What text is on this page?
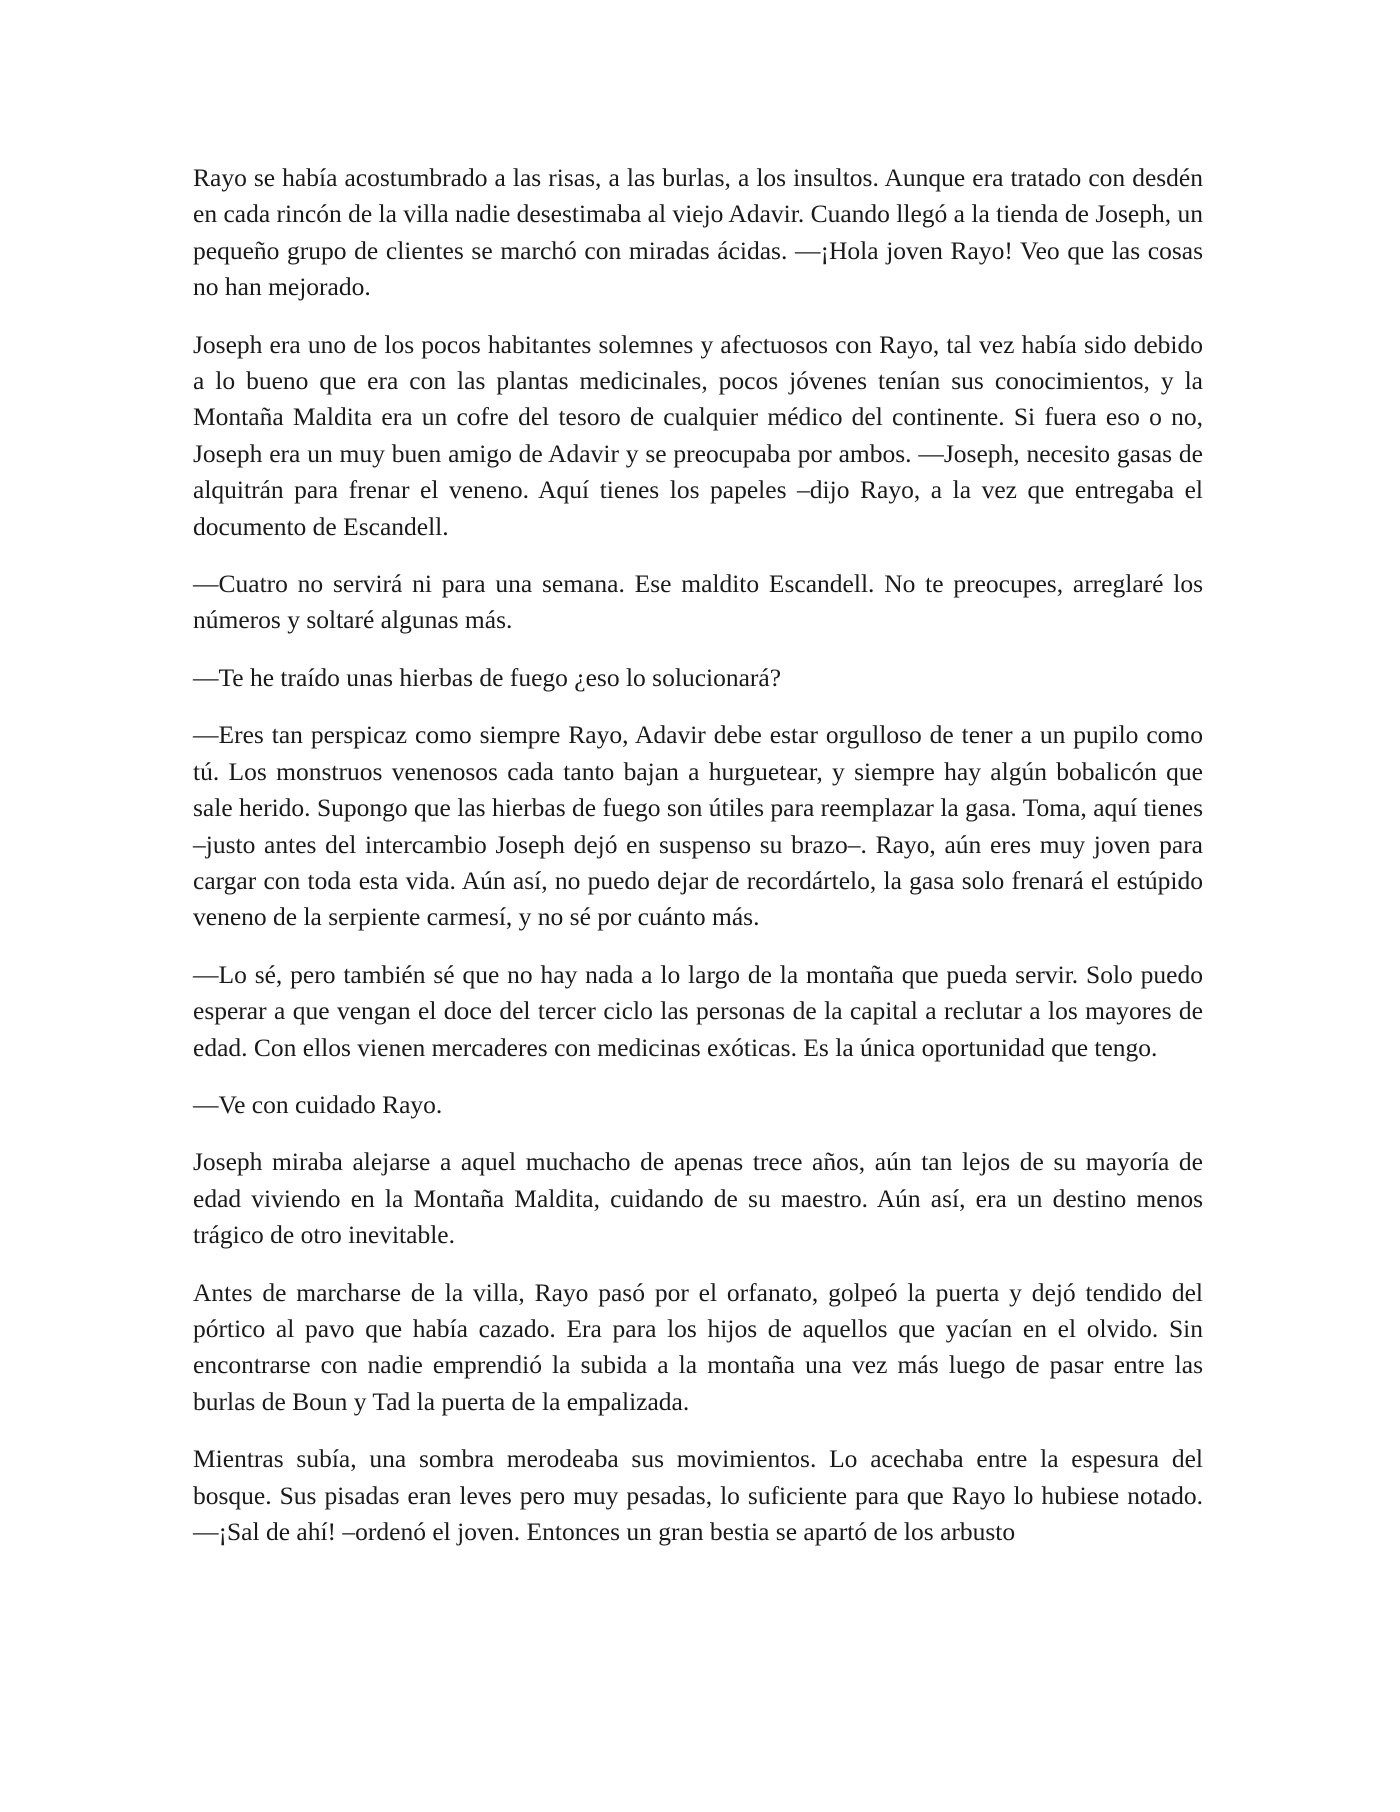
Rayo se había acostumbrado a las risas, a las burlas, a los insultos. Aunque era tratado con desdén en cada rincón de la villa nadie desestimaba al viejo Adavir. Cuando llegó a la tienda de Joseph, un pequeño grupo de clientes se marchó con miradas ácidas. —¡Hola joven Rayo! Veo que las cosas no han mejorado.

Joseph era uno de los pocos habitantes solemnes y afectuosos con Rayo, tal vez había sido debido a lo bueno que era con las plantas medicinales, pocos jóvenes tenían sus conocimientos, y la Montaña Maldita era un cofre del tesoro de cualquier médico del continente. Si fuera eso o no, Joseph era un muy buen amigo de Adavir y se preocupaba por ambos. —Joseph, necesito gasas de alquitrán para frenar el veneno. Aquí tienes los papeles –dijo Rayo, a la vez que entregaba el documento de Escandell.

—Cuatro no servirá ni para una semana. Ese maldito Escandell. No te preocupes, arreglaré los números y soltaré algunas más.

—Te he traído unas hierbas de fuego ¿eso lo solucionará?

—Eres tan perspicaz como siempre Rayo, Adavir debe estar orgulloso de tener a un pupilo como tú. Los monstruos venenosos cada tanto bajan a hurguetear, y siempre hay algún bobalicón que sale herido. Supongo que las hierbas de fuego son útiles para reemplazar la gasa. Toma, aquí tienes –justo antes del intercambio Joseph dejó en suspenso su brazo–. Rayo, aún eres muy joven para cargar con toda esta vida. Aún así, no puedo dejar de recordártelo, la gasa solo frenará el estúpido veneno de la serpiente carmesí, y no sé por cuánto más.

—Lo sé, pero también sé que no hay nada a lo largo de la montaña que pueda servir. Solo puedo esperar a que vengan el doce del tercer ciclo las personas de la capital a reclutar a los mayores de edad. Con ellos vienen mercaderes con medicinas exóticas. Es la única oportunidad que tengo.

—Ve con cuidado Rayo.

Joseph miraba alejarse a aquel muchacho de apenas trece años, aún tan lejos de su mayoría de edad viviendo en la Montaña Maldita, cuidando de su maestro. Aún así, era un destino menos trágico de otro inevitable.

Antes de marcharse de la villa, Rayo pasó por el orfanato, golpeó la puerta y dejó tendido del pórtico al pavo que había cazado. Era para los hijos de aquellos que yacían en el olvido. Sin encontrarse con nadie emprendió la subida a la montaña una vez más luego de pasar entre las burlas de Boun y Tad la puerta de la empalizada.

Mientras subía, una sombra merodeaba sus movimientos. Lo acechaba entre la espesura del bosque. Sus pisadas eran leves pero muy pesadas, lo suficiente para que Rayo lo hubiese notado. —¡Sal de ahí! –ordenó el joven. Entonces un gran bestia se apartó de los arbusto
